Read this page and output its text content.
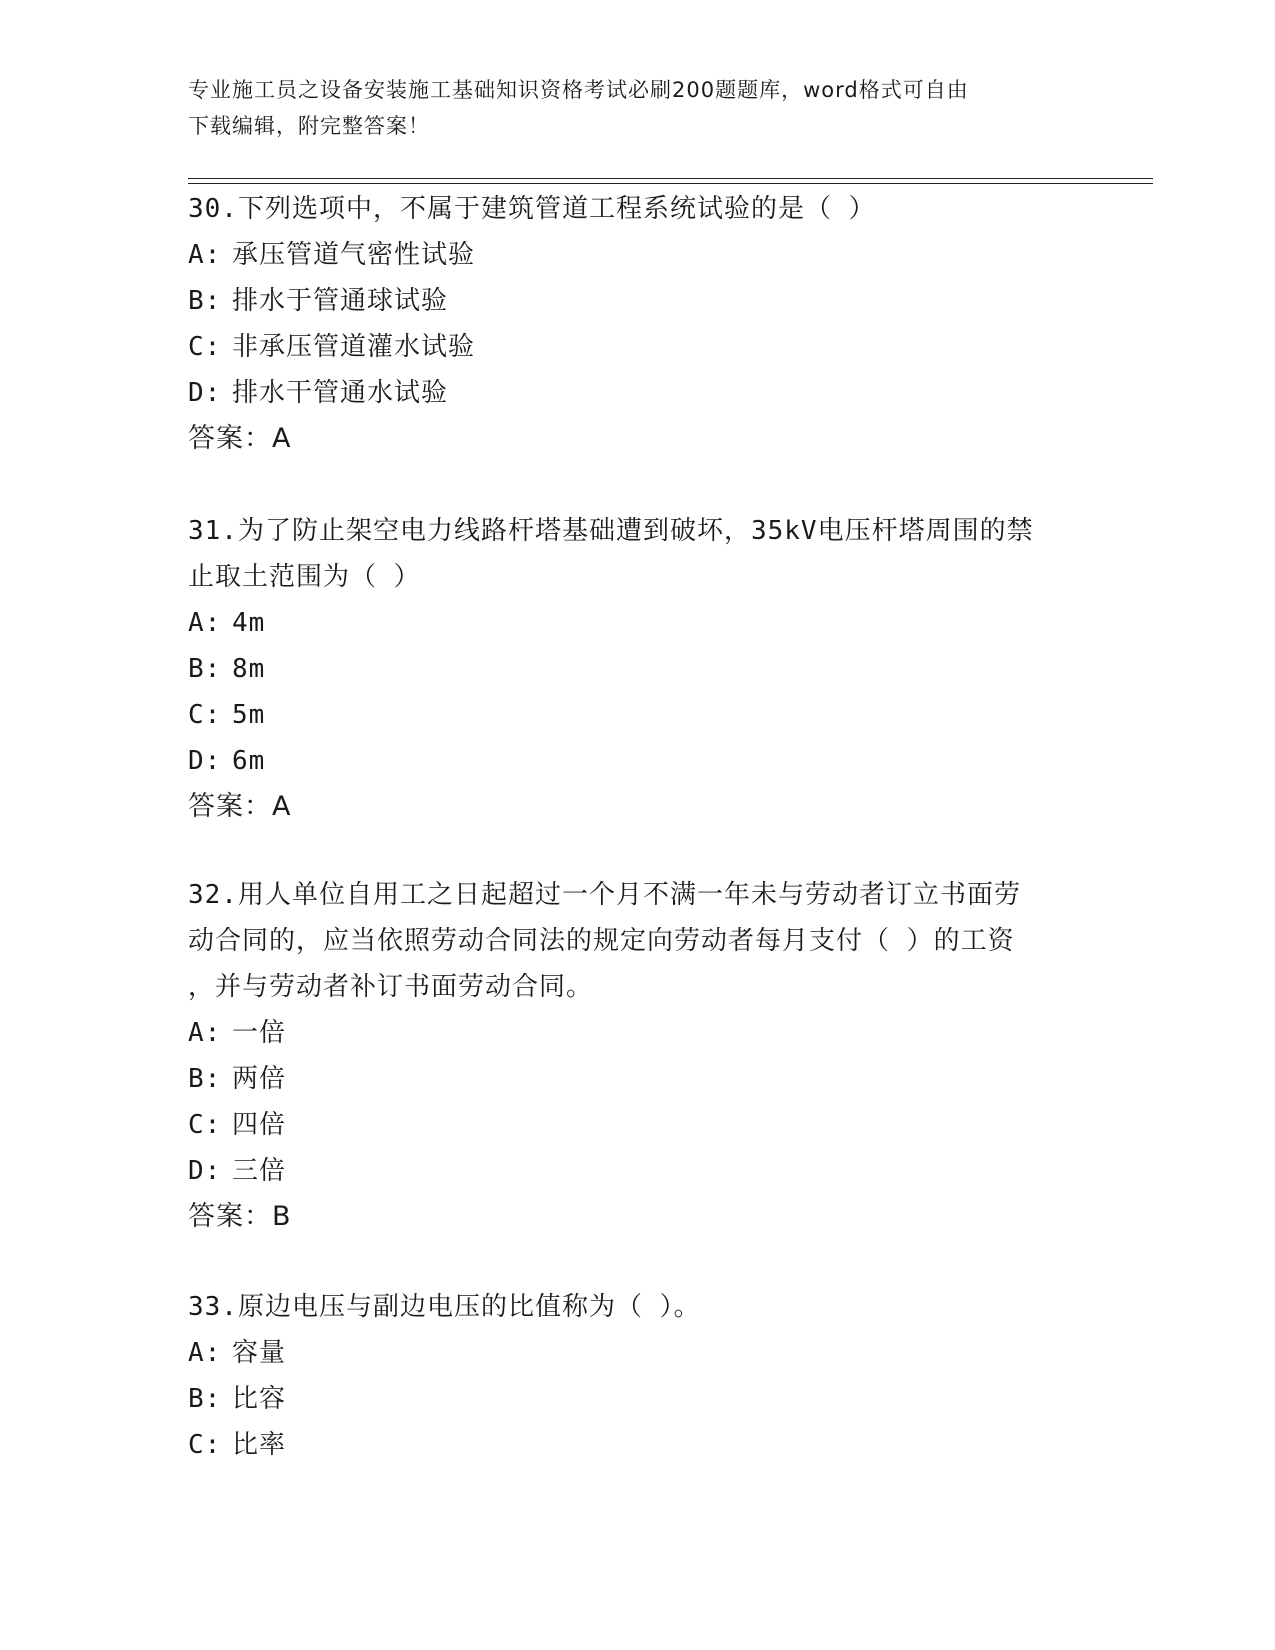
专业施工员之设备安装施工基础知识资格考试必刷200题题库，word格式可自由
下载编辑，附完整答案！
30.下列选项中，不属于建筑管道工程系统试验的是（ ）
A: 承压管道气密性试验
B: 排水于管通球试验
C: 非承压管道灌水试验
D: 排水干管通水试验
答案：A
31.为了防止架空电力线路杆塔基础遭到破坏，35kV电压杆塔周围的禁
止取土范围为（ ）
A: 4m
B: 8m
C: 5m
D: 6m
答案：A
32.用人单位自用工之日起超过一个月不满一年未与劳动者订立书面劳
动合同的，应当依照劳动合同法的规定向劳动者每月支付（ ）的工资
，并与劳动者补订书面劳动合同。
A: 一倍
B: 两倍
C: 四倍
D: 三倍
答案：B
33.原边电压与副边电压的比值称为（ ）。
A: 容量
B: 比容
C: 比率
